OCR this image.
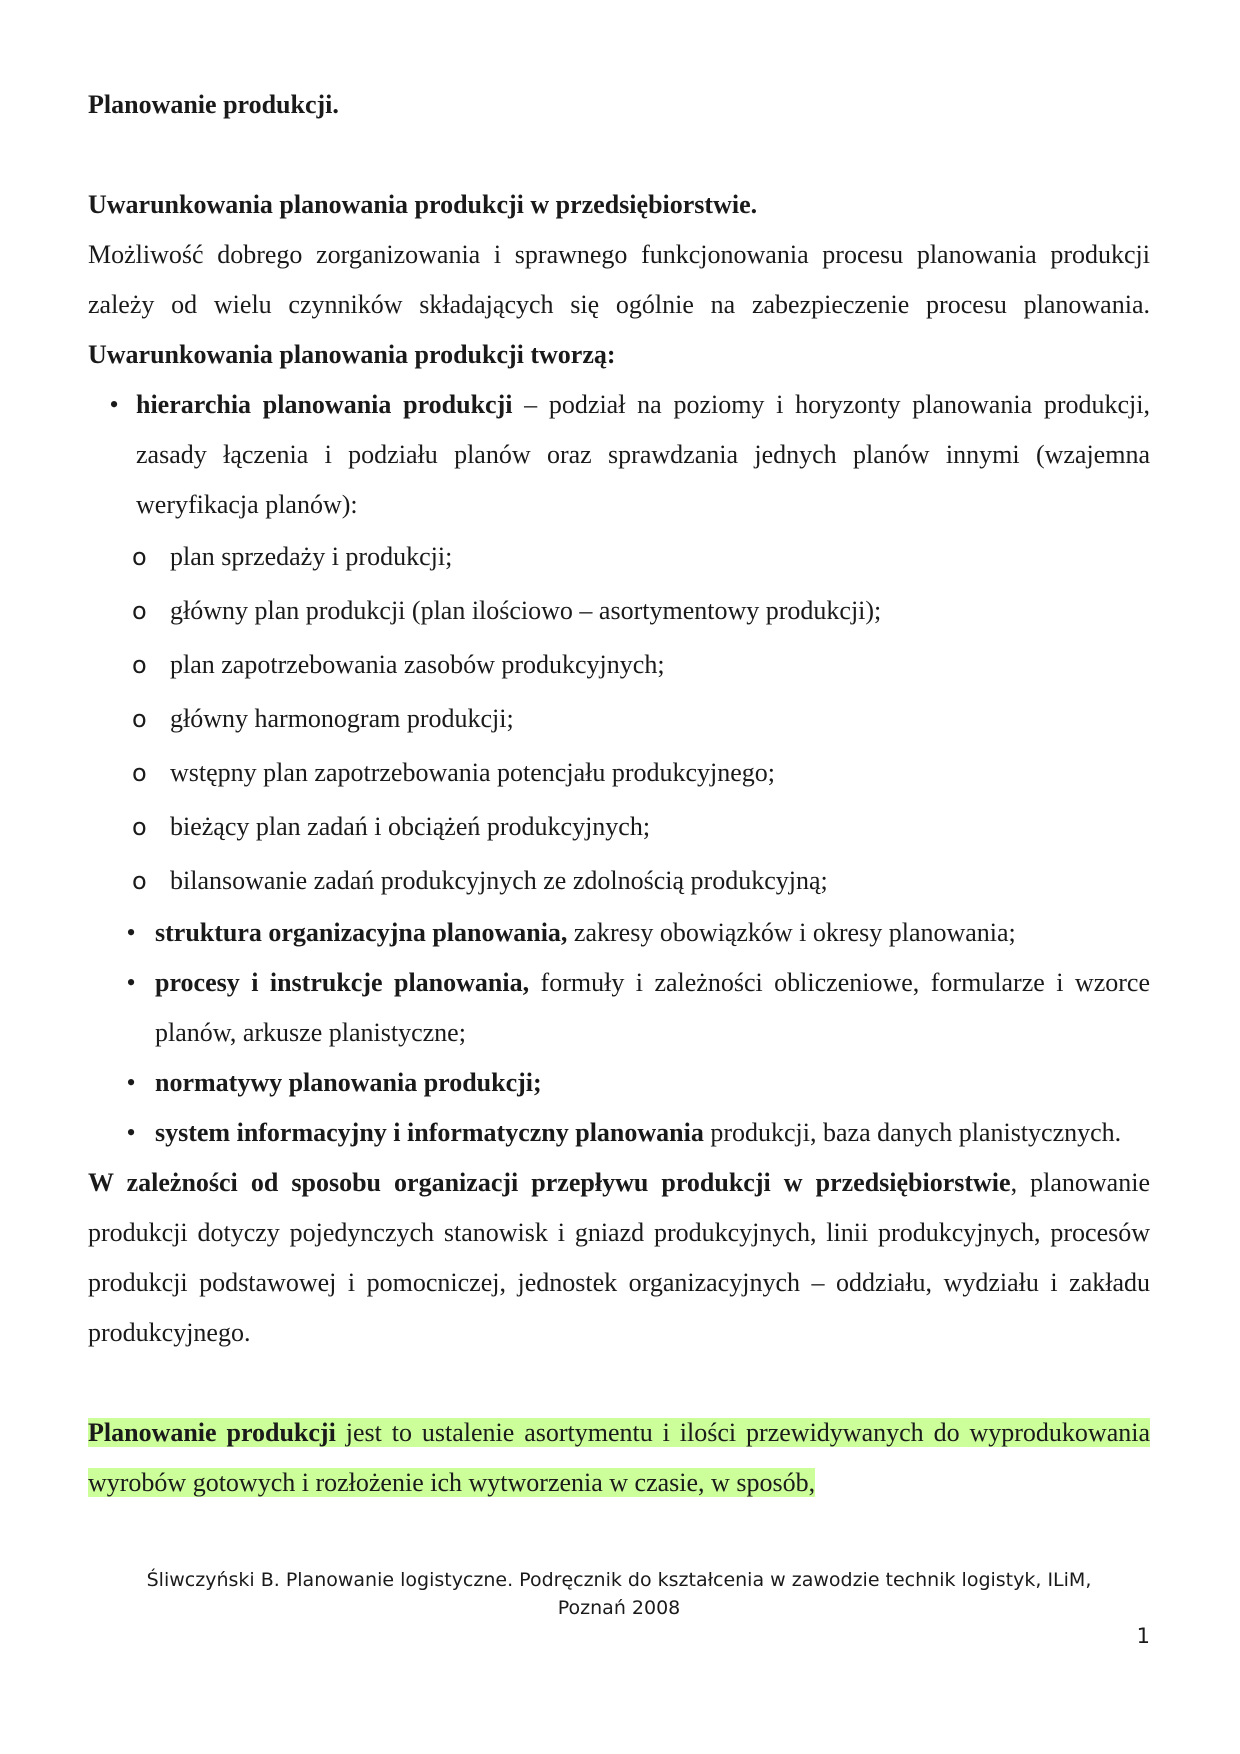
Planowanie produkcji.
Uwarunkowania planowania produkcji w przedsiębiorstwie.

Możliwość dobrego zorganizowania i sprawnego funkcjonowania procesu planowania produkcji zależy od wielu czynników składających się ogólnie na zabezpieczenie procesu planowania. Uwarunkowania planowania produkcji tworzą:

• hierarchia planowania produkcji – podział na poziomy i horyzonty planowania produkcji, zasady łączenia i podziału planów oraz sprawdzania jednych planów innymi (wzajemna weryfikacja planów):
o plan sprzedaży i produkcji;
o główny plan produkcji (plan ilościowo – asortymentowy produkcji);
o plan zapotrzebowania zasobów produkcyjnych;
o główny harmonogram produkcji;
o wstępny plan zapotrzebowania potencjału produkcyjnego;
o bieżący plan zadań i obciążeń produkcyjnych;
o bilansowanie zadań produkcyjnych ze zdolnością produkcyjną;
• struktura organizacyjna planowania, zakresy obowiązków i okresy planowania;
• procesy i instrukcje planowania, formuły i zależności obliczeniowe, formularze i wzorce planów, arkusze planistyczne;
• normatywy planowania produkcji;
• system informacyjny i informatyczny planowania produkcji, baza danych planistycznych.

W zależności od sposobu organizacji przepływu produkcji w przedsiębiorstwie, planowanie produkcji dotyczy pojedynczych stanowisk i gniazd produkcyjnych, linii produkcyjnych, procesów produkcji podstawowej i pomocniczej, jednostek organizacyjnych – oddziału, wydziału i zakładu produkcyjnego.

Planowanie produkcji jest to ustalenie asortymentu i ilości przewidywanych do wyprodukowania wyrobów gotowych i rozłożenie ich wytworzenia w czasie, w sposób,

Śliwczyński B. Planowanie logistyczne. Podręcznik do kształcenia w zawodzie technik logistyk, ILiM,
Poznań 2008
1
